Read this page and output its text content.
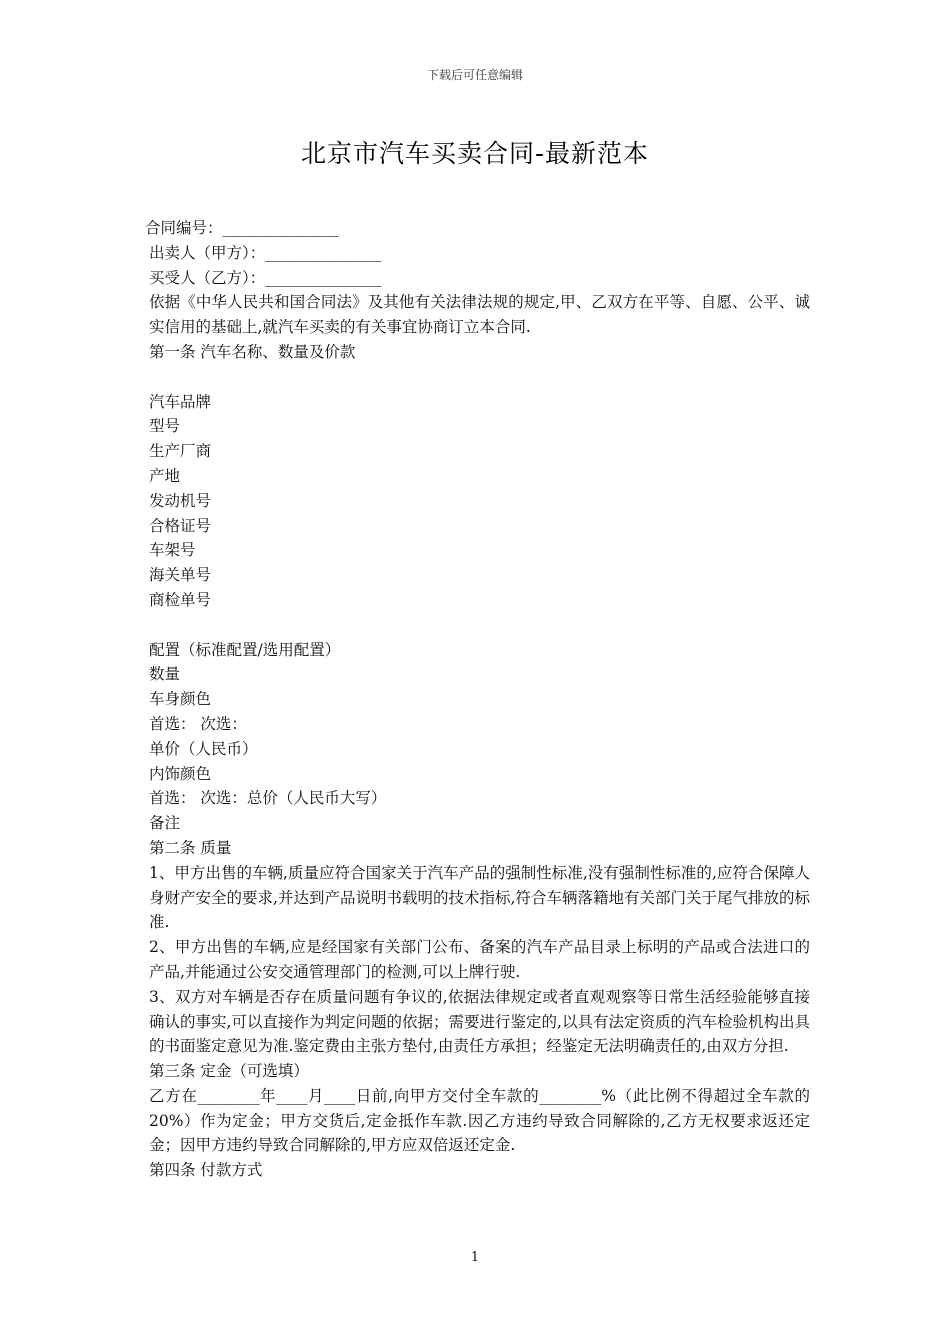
下载后可任意编辑
北京市汽车买卖合同-最新范本
合同编号：_______________
出卖人（甲方）：_______________
买受人（乙方）：_______________
依据《中华人民共和国合同法》及其他有关法律法规的规定,甲、乙双方在平等、自愿、公平、诚实信用的基础上,就汽车买卖的有关事宜协商订立本合同.
第一条 汽车名称、数量及价款
汽车品牌
型号
生产厂商
产地
发动机号
合格证号
车架号
海关单号
商检单号
配置（标准配置/选用配置）
数量
车身颜色
首选： 次选：
单价（人民币）
内饰颜色
首选： 次选：总价（人民币大写）
备注
第二条 质量
1、甲方出售的车辆,质量应符合国家关于汽车产品的强制性标准,没有强制性标准的,应符合保障人身财产安全的要求,并达到产品说明书载明的技术指标,符合车辆落籍地有关部门关于尾气排放的标准.
2、甲方出售的车辆,应是经国家有关部门公布、备案的汽车产品目录上标明的产品或合法进口的产品,并能通过公安交通管理部门的检测,可以上牌行驶.
3、双方对车辆是否存在质量问题有争议的,依据法律规定或者直观观察等日常生活经验能够直接确认的事实,可以直接作为判定问题的依据；需要进行鉴定的,以具有法定资质的汽车检验机构出具的书面鉴定意见为准.鉴定费由主张方垫付,由责任方承担；经鉴定无法明确责任的,由双方分担.
第三条 定金（可选填）
乙方在________年____月____日前,向甲方交付全车款的________%（此比例不得超过全车款的20%）作为定金；甲方交货后,定金抵作车款.因乙方违约导致合同解除的,乙方无权要求返还定金；因甲方违约导致合同解除的,甲方应双倍返还定金.
第四条 付款方式
1
